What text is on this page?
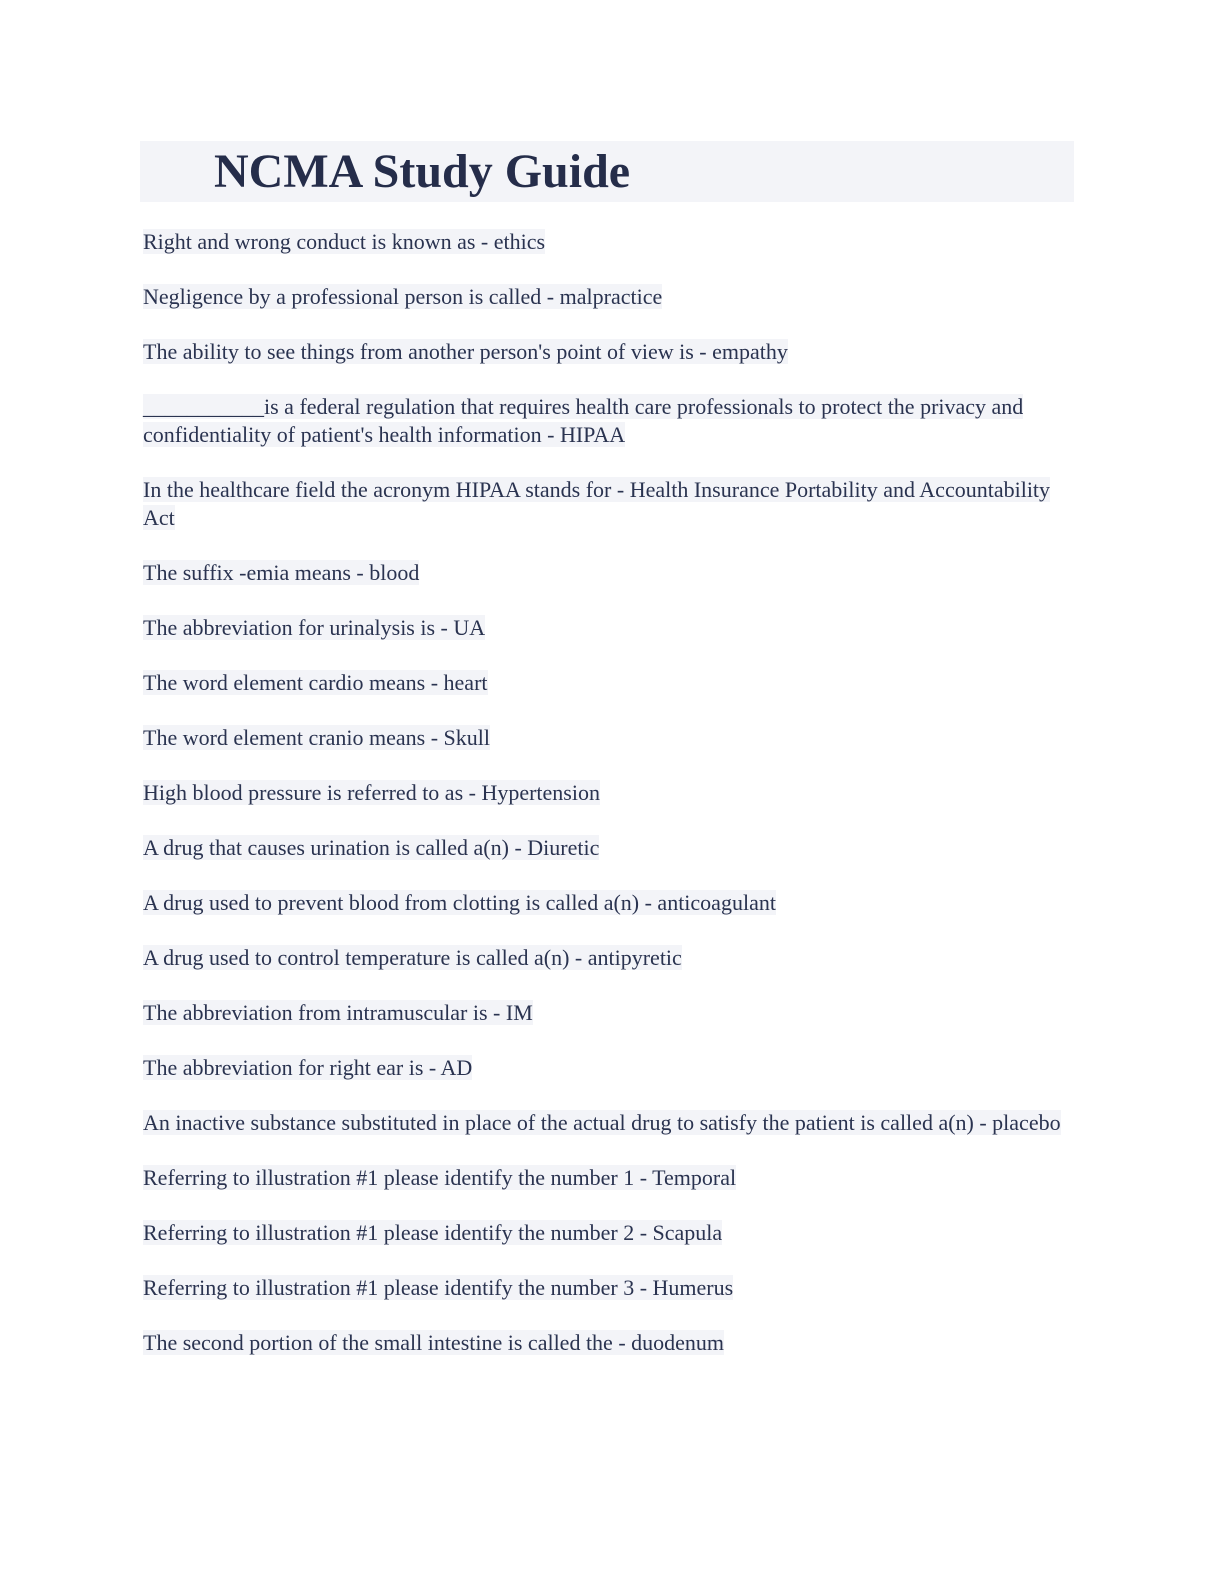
NCMA Study Guide
Right and wrong conduct is known as - ethics
Negligence by a professional person is called - malpractice
The ability to see things from another person's point of view is - empathy
___________is a federal regulation that requires health care professionals to protect the privacy and confidentiality of patient's health information - HIPAA
In the healthcare field the acronym HIPAA stands for - Health Insurance Portability and Accountability Act
The suffix -emia means - blood
The abbreviation for urinalysis is - UA
The word element cardio means - heart
The word element cranio means - Skull
High blood pressure is referred to as - Hypertension
A drug that causes urination is called a(n) - Diuretic
A drug used to prevent blood from clotting is called a(n) - anticoagulant
A drug used to control temperature is called a(n) - antipyretic
The abbreviation from intramuscular is - IM
The abbreviation for right ear is - AD
An inactive substance substituted in place of the actual drug to satisfy the patient is called a(n) - placebo
Referring to illustration #1 please identify the number 1 - Temporal
Referring to illustration #1 please identify the number 2 - Scapula
Referring to illustration #1 please identify the number 3 - Humerus
The second portion of the small intestine is called the - duodenum
